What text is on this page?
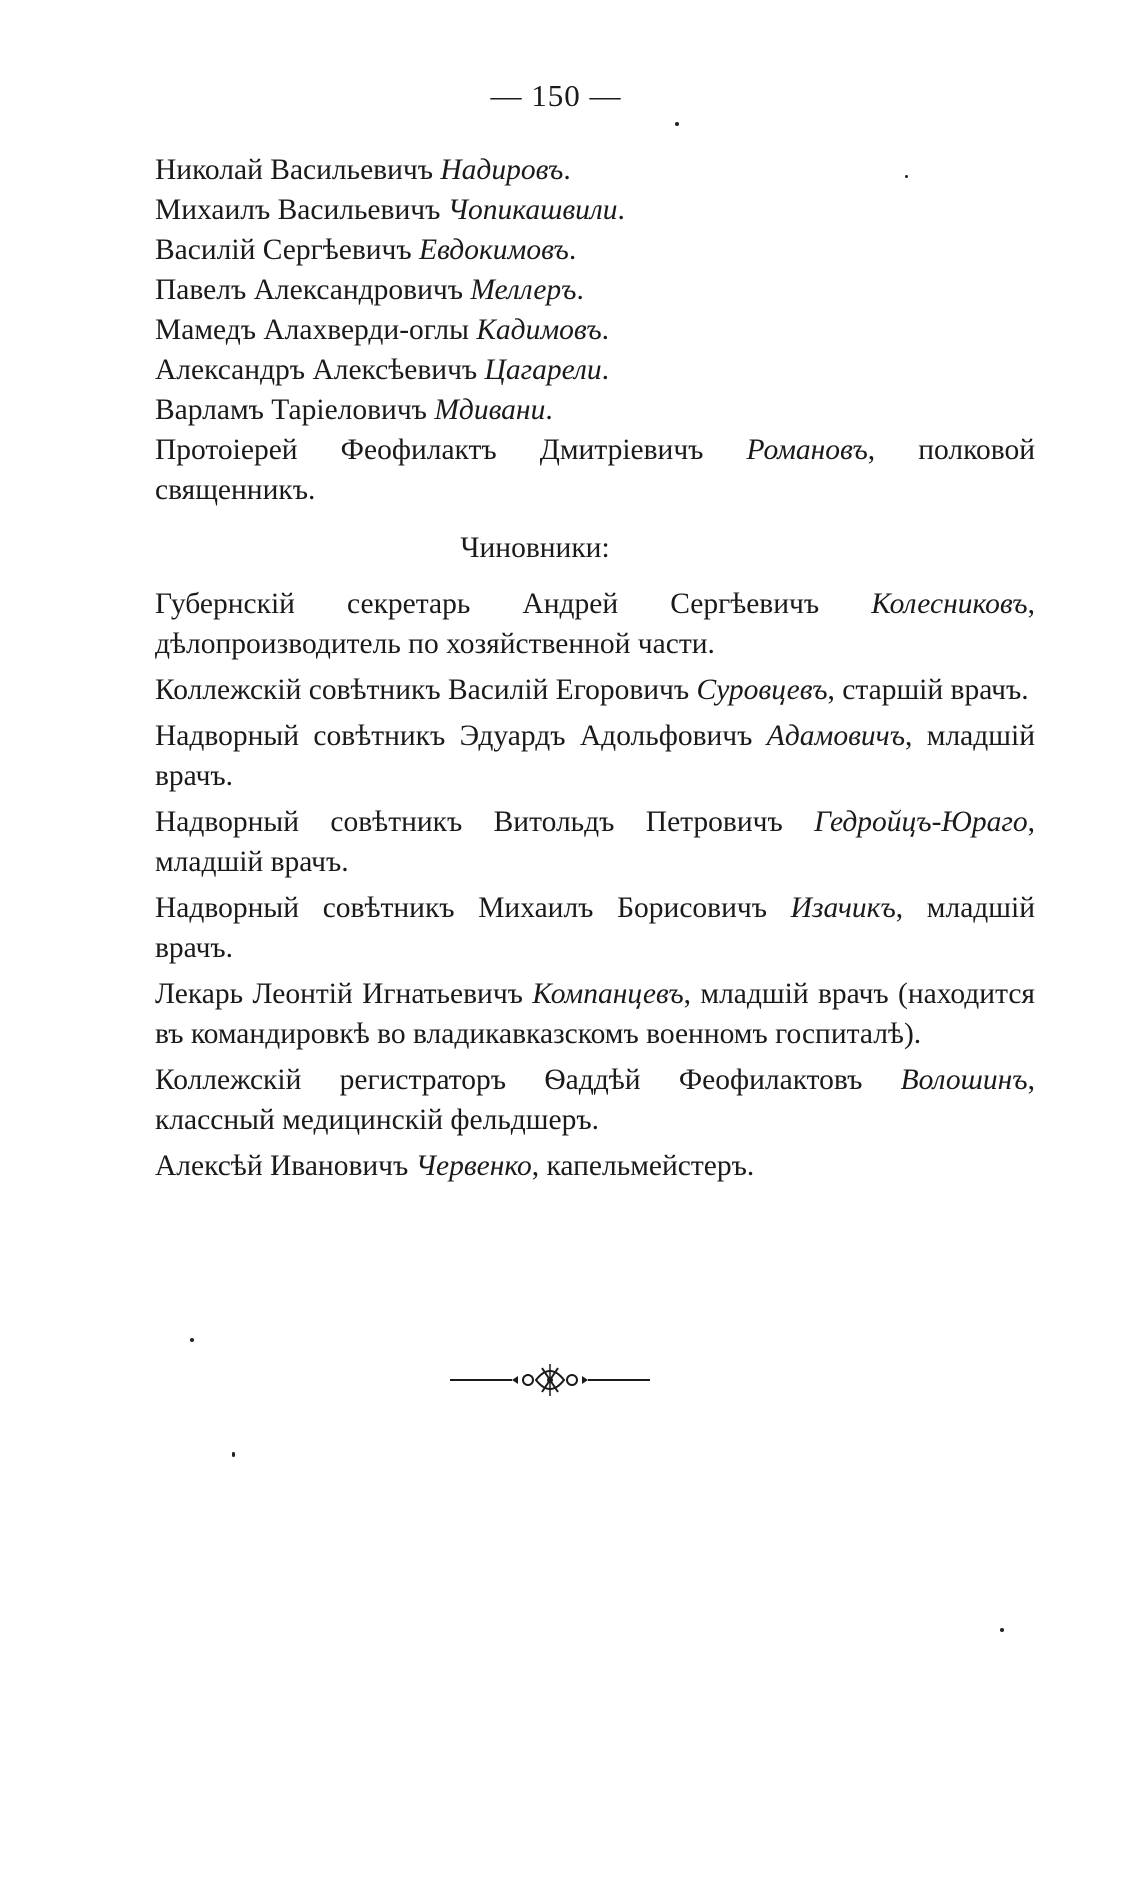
— 150 —
Николай Васильевичъ Надировъ.
Михаилъ Васильевичъ Чопикашвили.
Василій Сергѣевичъ Евдокимовъ.
Павелъ Александровичъ Меллеръ.
Мамедъ Алахверди-оглы Кадимовъ.
Александръ Алексѣевичъ Цагарели.
Варламъ Таріеловичъ Мдивани.
Протоіерей Феофилактъ Дмитріевичъ Романовъ, полковой священникъ.
Чиновники:
Губернскій секретарь Андрей Сергѣевичъ Колесниковъ, дѣлопроизводитель по хозяйственной части.
Коллежскій совѣтникъ Василій Егоровичъ Суровцевъ, старшій врачъ.
Надворный совѣтникъ Эдуардъ Адольфовичъ Адамовичъ, младшій врачъ.
Надворный совѣтникъ Витольдъ Петровичъ Гедройцъ-Юраго, младшій врачъ.
Надворный совѣтникъ Михаилъ Борисовичъ Изачикъ, младшій врачъ.
Лекарь Леонтій Игнатьевичъ Компанцевъ, младшій врачъ (находится въ командировкѣ во владикавказскомъ военномъ госпиталѣ).
Коллежскій регистраторъ Ѳаддѣй Феофилактовъ Волошинъ, классный медицинскій фельдшеръ.
Алексѣй Ивановичъ Червенко, капельмейстеръ.
